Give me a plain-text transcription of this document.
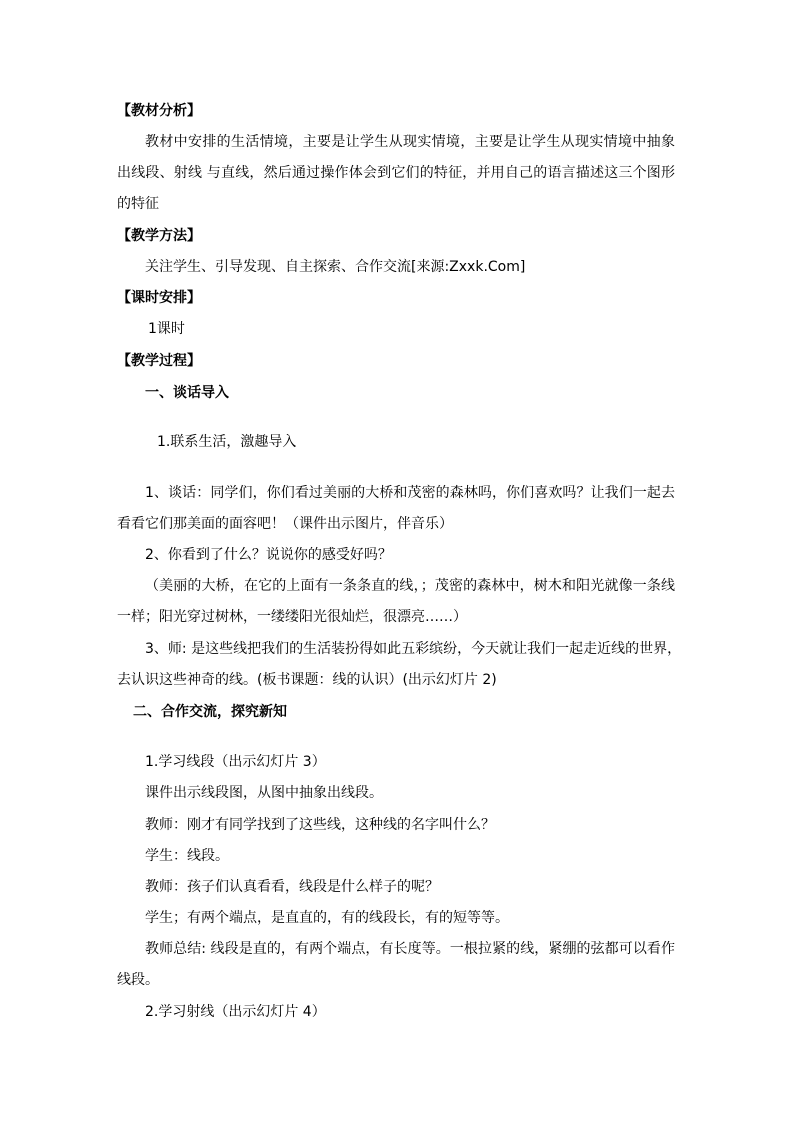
【教材分析】
教材中安排的生活情境，主要是让学生从现实情境，主要是让学生从现实情境中抽象
出线段、射线 与直线，然后通过操作体会到它们的特征，并用自己的语言描述这三个图形
的特征
【教学方法】
关注学生、引导发现、自主探索、合作交流[来源:Zxxk.Com]
【课时安排】
1课时
【教学过程】
一、谈话导入
1.联系生活，激趣导入
1、谈话：同学们，你们看过美丽的大桥和茂密的森林吗，你们喜欢吗？让我们一起去
看看它们那美面的面容吧！（课件出示图片，伴音乐）
2、你看到了什么？说说你的感受好吗？
（美丽的大桥，在它的上面有一条条直的线，；茂密的森林中，树木和阳光就像一条线
一样；阳光穿过树林，一缕缕阳光很灿烂，很漂亮……）
3、师: 是这些线把我们的生活装扮得如此五彩缤纷，今天就让我们一起走近线的世界，
去认识这些神奇的线。(板书课题：线的认识）(出示幻灯片 2)
二、合作交流，探究新知
1.学习线段（出示幻灯片 3）
课件出示线段图，从图中抽象出线段。
教师：刚才有同学找到了这些线，这种线的名字叫什么？
学生：线段。
教师：孩子们认真看看，线段是什么样子的呢？
学生；有两个端点，是直直的，有的线段长，有的短等等。
教师总结: 线段是直的，有两个端点，有长度等。一根拉紧的线，紧绷的弦都可以看作
线段。
2.学习射线（出示幻灯片 4）
